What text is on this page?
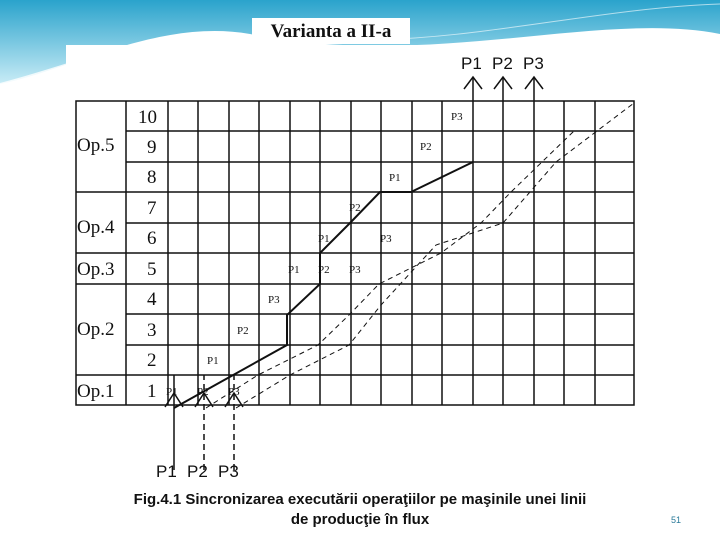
Varianta a II-a
Op.5
Op.4
Op.3
Op.2
Op.1
10
9
8
7
6
5
4
3
2
1
P1 P2 P3
P1 P2 P3
P1 P2 P3
P1
P2
P3
P1 P2 P3
P1
P2
P3
P1
P2
P3
Fig.4.1 Sincronizarea executării operaţiilor pe maşinile unei linii
de producţie în flux	51
